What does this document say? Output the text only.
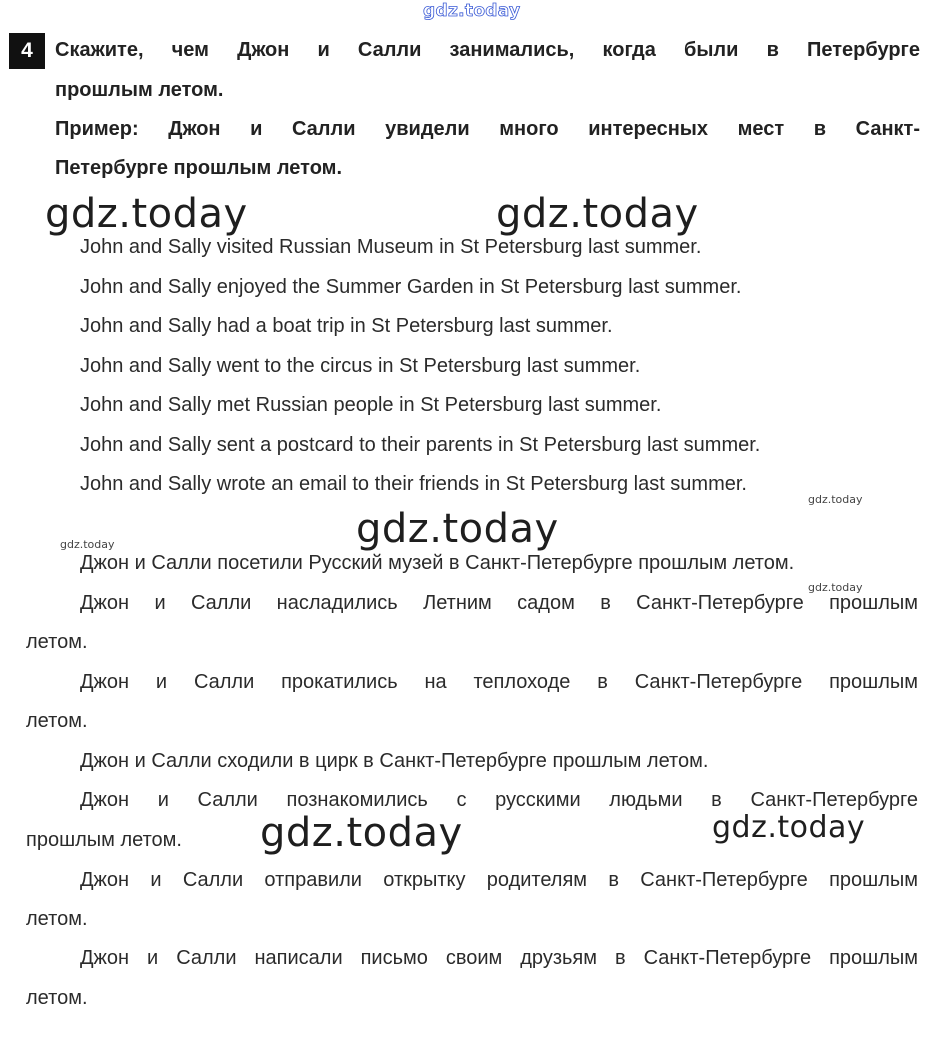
gdz.today
gdz.today	gdz.today
gdz.today
gdz.today	gdz.today
gdz.today
gdz.today
gdz.today
4	Скажите, чем Джон и Салли занимались, когда были в Петербурге
прошлым летом.
Пример: Джон и Салли увидели много интересных мест в Санкт-
Петербурге прошлым летом.
John and Sally visited Russian Museum in St Petersburg last summer.
John and Sally enjoyed the Summer Garden in St Petersburg last summer.
John and Sally had a boat trip in St Petersburg last summer.
John and Sally went to the circus in St Petersburg last summer.
John and Sally met Russian people in St Petersburg last summer.
John and Sally sent a postcard to their parents in St Petersburg last summer.
John and Sally wrote an email to their friends in St Petersburg last summer.
Джон и Салли посетили Русский музей в Санкт-Петербурге прошлым летом.
Джон и Салли насладились Летним садом в Санкт-Петербурге прошлым
летом.
Джон и Салли прокатились на теплоходе в Санкт-Петербурге прошлым
летом.
Джон и Салли сходили в цирк в Санкт-Петербурге прошлым летом.
Джон и Салли познакомились с русскими людьми в Санкт-Петербурге
прошлым летом.
Джон и Салли отправили открытку родителям в Санкт-Петербурге прошлым
летом.
Джон и Салли написали письмо своим друзьям в Санкт-Петербурге прошлым
летом.
